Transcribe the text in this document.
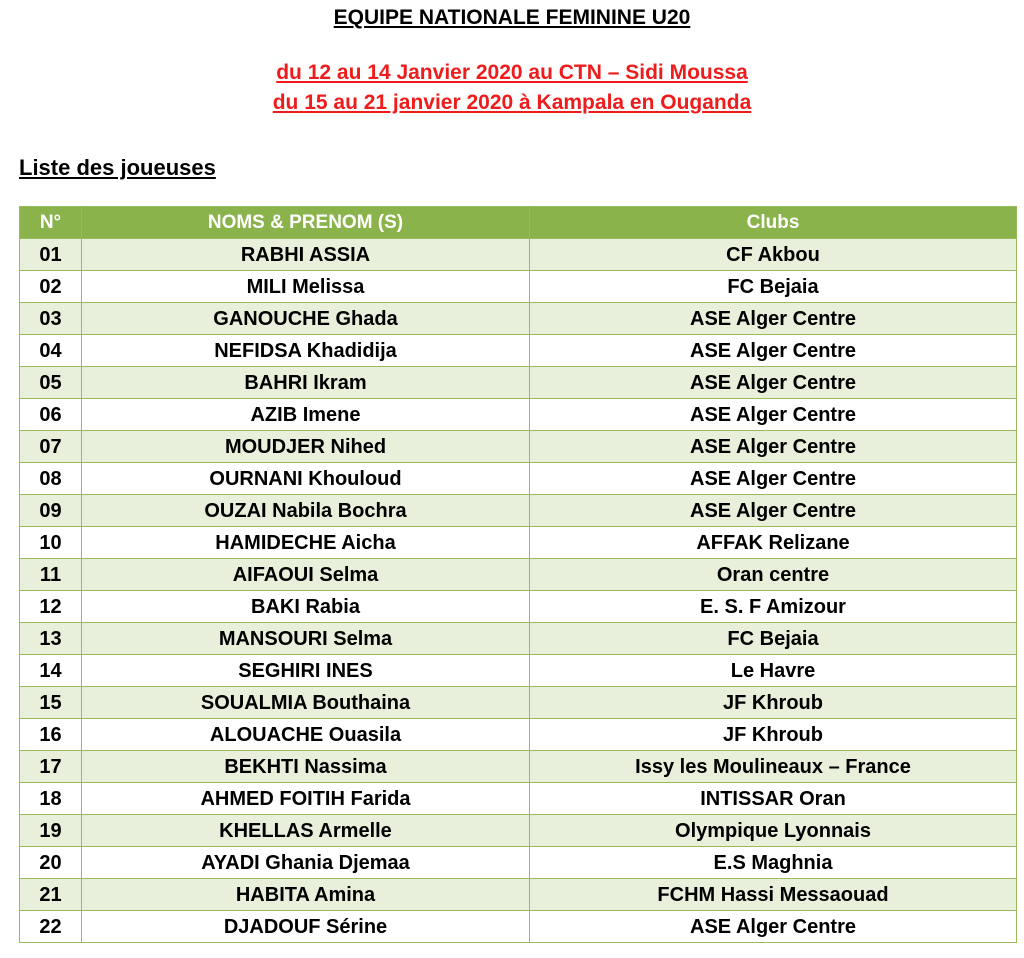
EQUIPE NATIONALE FEMININE U20
du 12 au 14 Janvier 2020 au CTN – Sidi Moussa
du 15 au 21 janvier 2020 à Kampala en Ouganda
Liste des joueuses
N°	NOMS & PRENOM (S)	Clubs
01	RABHI ASSIA	CF Akbou
02	MILI Melissa	FC Bejaia
03	GANOUCHE Ghada	ASE Alger Centre
04	NEFIDSA Khadidija	ASE Alger Centre
05	BAHRI Ikram	ASE Alger Centre
06	AZIB Imene	ASE Alger Centre
07	MOUDJER Nihed	ASE Alger Centre
08	OURNANI Khouloud	ASE Alger Centre
09	OUZAI Nabila Bochra	ASE Alger Centre
10	HAMIDECHE Aicha	AFFAK Relizane
11	AIFAOUI Selma	Oran centre
12	BAKI Rabia	E. S. F Amizour
13	MANSOURI Selma	FC Bejaia
14	SEGHIRI INES	Le Havre
15	SOUALMIA Bouthaina	JF Khroub
16	ALOUACHE Ouasila	JF Khroub
17	BEKHTI Nassima	Issy les Moulineaux – France
18	AHMED FOITIH Farida	INTISSAR Oran
19	KHELLAS Armelle	Olympique Lyonnais
20	AYADI Ghania Djemaa	E.S Maghnia
21	HABITA Amina	FCHM Hassi Messaouad
22	DJADOUF Sérine	ASE Alger Centre
